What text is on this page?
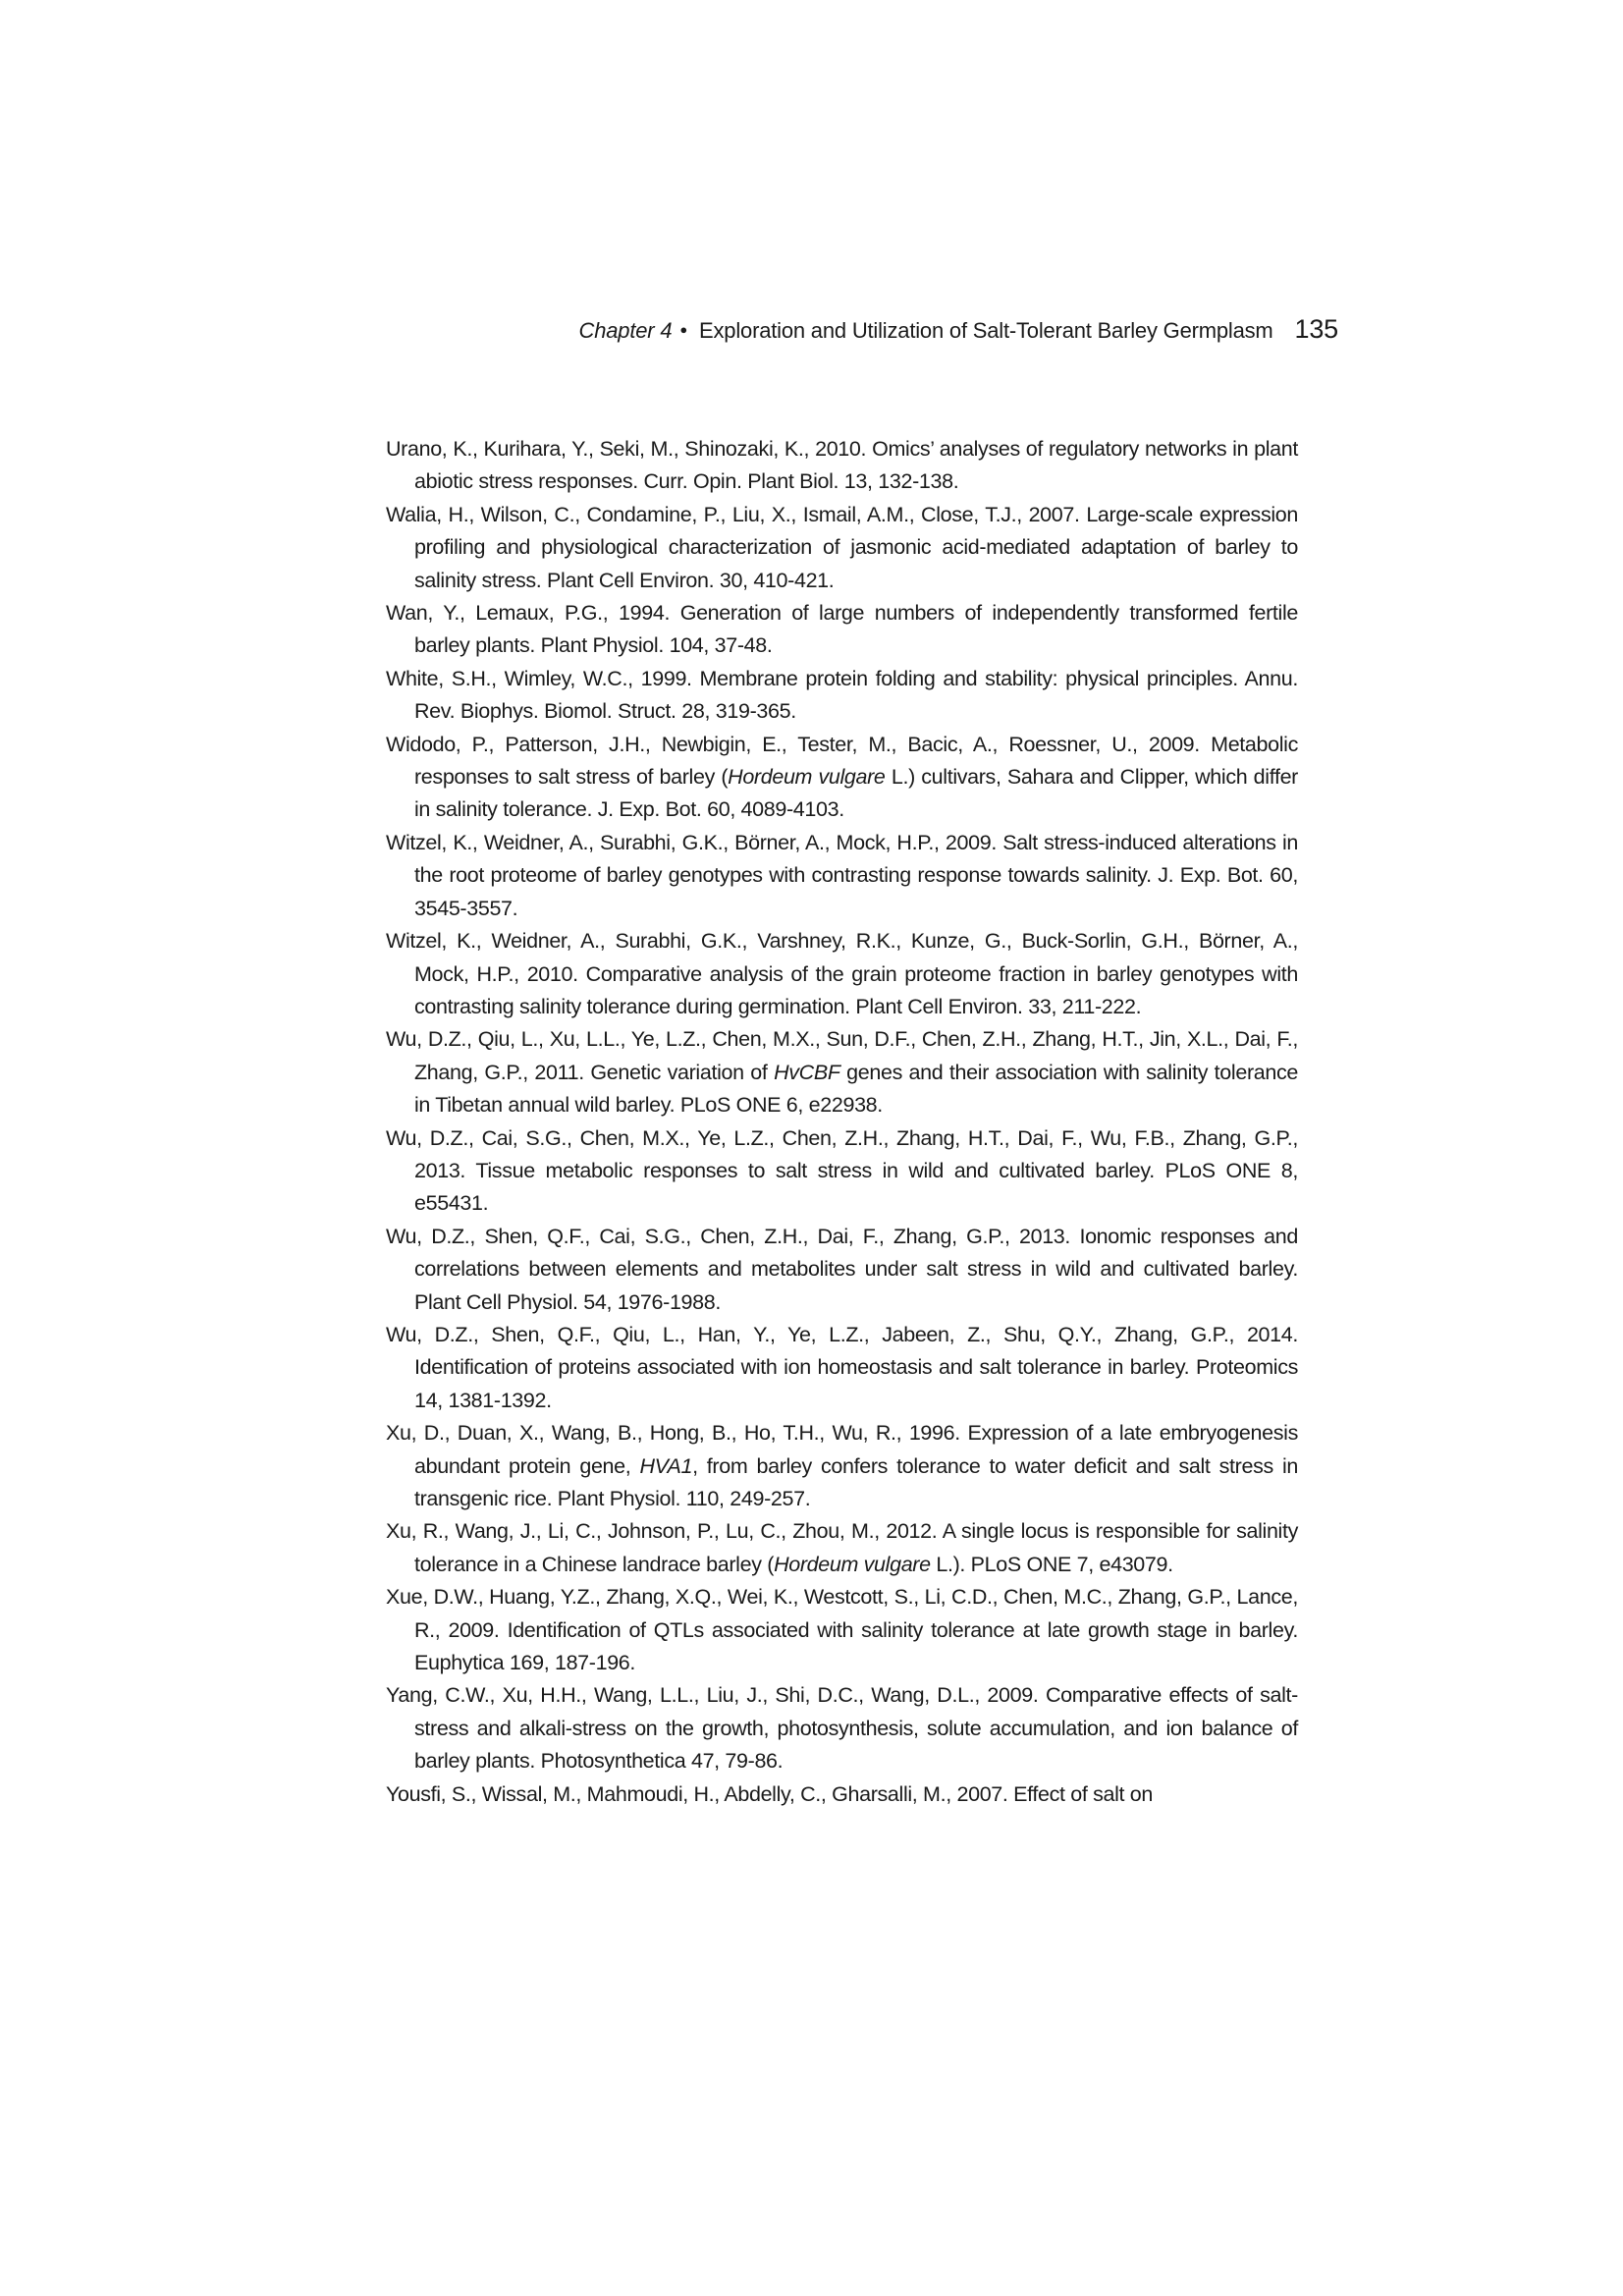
Chapter 4 ● Exploration and Utilization of Salt-Tolerant Barley Germplasm 135

Urano, K., Kurihara, Y., Seki, M., Shinozaki, K., 2010. Omics’ analyses of regulatory networks in plant abiotic stress responses. Curr. Opin. Plant Biol. 13, 132-138.

Walia, H., Wilson, C., Condamine, P., Liu, X., Ismail, A.M., Close, T.J., 2007. Large-scale expression profiling and physiological characterization of jasmonic acid-mediated adaptation of barley to salinity stress. Plant Cell Environ. 30, 410-421.

Wan, Y., Lemaux, P.G., 1994. Generation of large numbers of independently transformed fertile barley plants. Plant Physiol. 104, 37-48.

White, S.H., Wimley, W.C., 1999. Membrane protein folding and stability: physical principles. Annu. Rev. Biophys. Biomol. Struct. 28, 319-365.

Widodo, P., Patterson, J.H., Newbigin, E., Tester, M., Bacic, A., Roessner, U., 2009. Metabolic responses to salt stress of barley (Hordeum vulgare L.) cultivars, Sahara and Clipper, which differ in salinity tolerance. J. Exp. Bot. 60, 4089-4103.

Witzel, K., Weidner, A., Surabhi, G.K., Börner, A., Mock, H.P., 2009. Salt stress-induced alterations in the root proteome of barley genotypes with contrasting response towards salinity. J. Exp. Bot. 60, 3545-3557.

Witzel, K., Weidner, A., Surabhi, G.K., Varshney, R.K., Kunze, G., Buck-Sorlin, G.H., Börner, A., Mock, H.P., 2010. Comparative analysis of the grain proteome fraction in barley genotypes with contrasting salinity tolerance during germination. Plant Cell Environ. 33, 211-222.

Wu, D.Z., Qiu, L., Xu, L.L., Ye, L.Z., Chen, M.X., Sun, D.F., Chen, Z.H., Zhang, H.T., Jin, X.L., Dai, F., Zhang, G.P., 2011. Genetic variation of HvCBF genes and their association with salinity tolerance in Tibetan annual wild barley. PLoS ONE 6, e22938.

Wu, D.Z., Cai, S.G., Chen, M.X., Ye, L.Z., Chen, Z.H., Zhang, H.T., Dai, F., Wu, F.B., Zhang, G.P., 2013. Tissue metabolic responses to salt stress in wild and cultivated barley. PLoS ONE 8, e55431.

Wu, D.Z., Shen, Q.F., Cai, S.G., Chen, Z.H., Dai, F., Zhang, G.P., 2013. Ionomic responses and correlations between elements and metabolites under salt stress in wild and cultivated barley. Plant Cell Physiol. 54, 1976-1988.

Wu, D.Z., Shen, Q.F., Qiu, L., Han, Y., Ye, L.Z., Jabeen, Z., Shu, Q.Y., Zhang, G.P., 2014. Identification of proteins associated with ion homeostasis and salt tolerance in barley. Proteomics 14, 1381-1392.

Xu, D., Duan, X., Wang, B., Hong, B., Ho, T.H., Wu, R., 1996. Expression of a late embryogenesis abundant protein gene, HVA1, from barley confers tolerance to water deficit and salt stress in transgenic rice. Plant Physiol. 110, 249-257.

Xu, R., Wang, J., Li, C., Johnson, P., Lu, C., Zhou, M., 2012. A single locus is responsible for salinity tolerance in a Chinese landrace barley (Hordeum vulgare L.). PLoS ONE 7, e43079.

Xue, D.W., Huang, Y.Z., Zhang, X.Q., Wei, K., Westcott, S., Li, C.D., Chen, M.C., Zhang, G.P., Lance, R., 2009. Identification of QTLs associated with salinity tolerance at late growth stage in barley. Euphytica 169, 187-196.

Yang, C.W., Xu, H.H., Wang, L.L., Liu, J., Shi, D.C., Wang, D.L., 2009. Comparative effects of salt-stress and alkali-stress on the growth, photosynthesis, solute accumulation, and ion balance of barley plants. Photosynthetica 47, 79-86.

Yousfi, S., Wissal, M., Mahmoudi, H., Abdelly, C., Gharsalli, M., 2007. Effect of salt on
